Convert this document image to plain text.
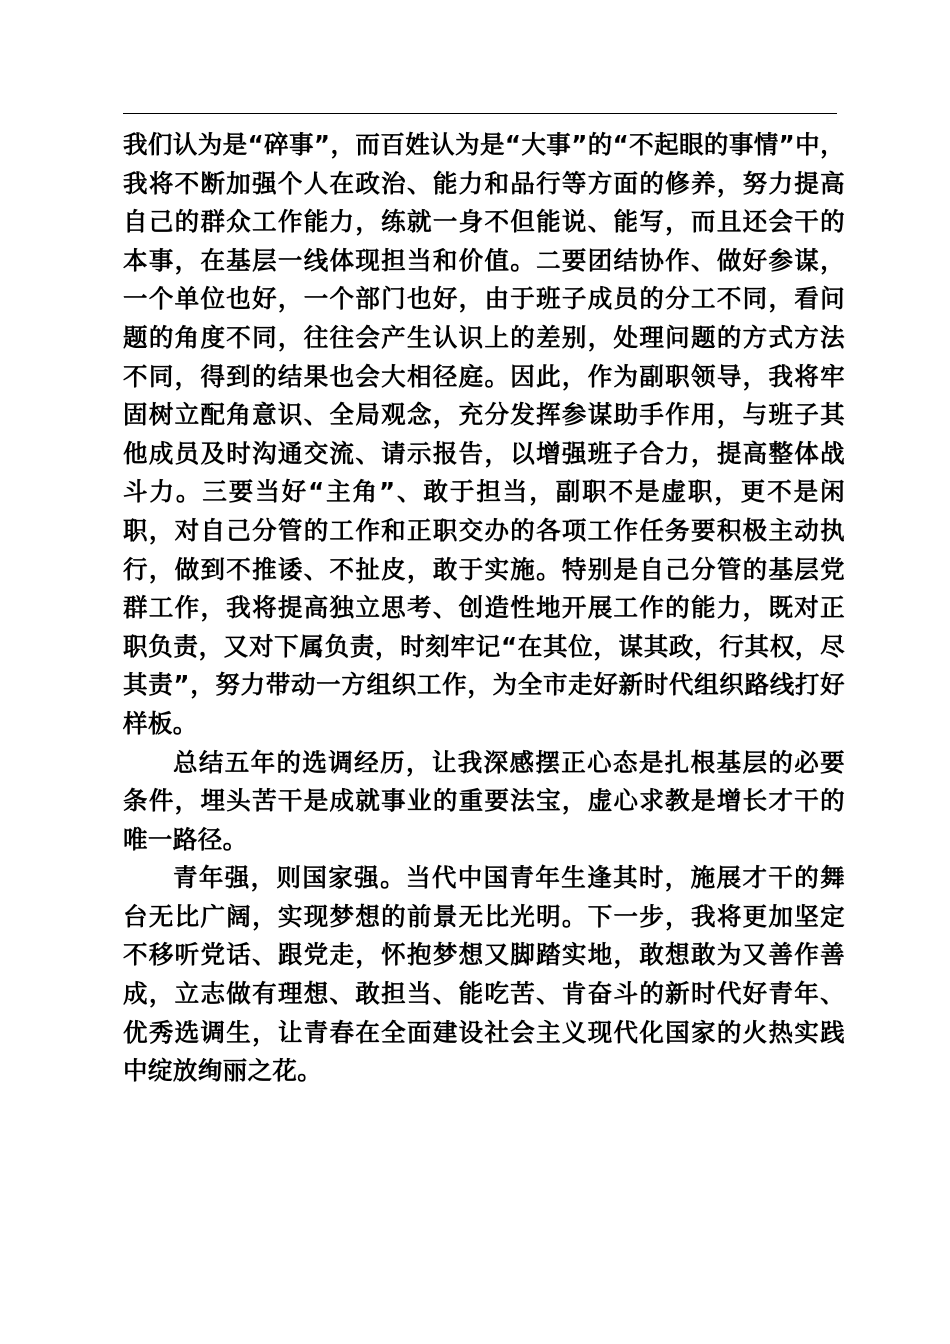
我们认为是“碎事”，而百姓认为是“大事”的“不起眼的事情”中，我将不断加强个人在政治、能力和品行等方面的修养，努力提高自己的群众工作能力，练就一身不但能说、能写，而且还会干的本事，在基层一线体现担当和价值。二要团结协作、做好参谋，一个单位也好，一个部门也好，由于班子成员的分工不同，看问题的角度不同，往往会产生认识上的差别，处理问题的方式方法不同，得到的结果也会大相径庭。因此，作为副职领导，我将牢固树立配角意识、全局观念，充分发挥参谋助手作用，与班子其他成员及时沟通交流、请示报告，以增强班子合力，提高整体战斗力。三要当好“主角”、敢于担当，副职不是虚职，更不是闲职，对自己分管的工作和正职交办的各项工作任务要积极主动执行，做到不推诿、不扯皮，敢于实施。特别是自己分管的基层党群工作，我将提高独立思考、创造性地开展工作的能力，既对正职负责，又对下属负责，时刻牢记“在其位，谋其政，行其权，尽其责”，努力带动一方组织工作，为全市走好新时代组织路线打好样板。

总结五年的选调经历，让我深感摆正心态是扎根基层的必要条件，埋头苦干是成就事业的重要法宝，虚心求教是增长才干的唯一路径。

青年强，则国家强。当代中国青年生逢其时，施展才干的舞台无比广阔，实现梦想的前景无比光明。下一步，我将更加坚定不移听党话、跟党走，怀抱梦想又脚踏实地，敢想敢为又善作善成，立志做有理想、敢担当、能吃苦、肯奋斗的新时代好青年、优秀选调生，让青春在全面建设社会主义现代化国家的火热实践中绽放绚丽之花。
